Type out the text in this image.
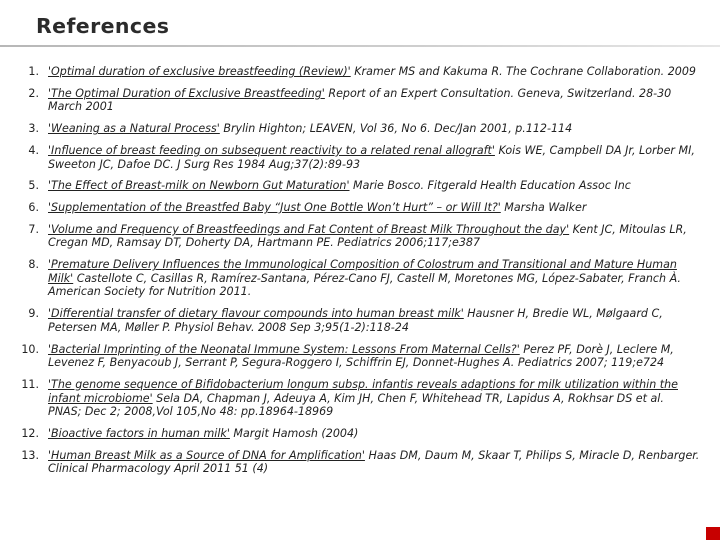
References
1. 'Optimal duration of exclusive breastfeeding (Review)' Kramer MS and Kakuma R. The Cochrane Collaboration. 2009
2. 'The Optimal Duration of Exclusive Breastfeeding' Report of an Expert Consultation. Geneva, Switzerland. 28-30 March 2001
3. 'Weaning as a Natural Process' Brylin Highton; LEAVEN, Vol 36, No 6. Dec/Jan 2001, p.112-114
4. 'Influence of breast feeding on subsequent reactivity to a related renal allograft' Kois WE, Campbell DA Jr, Lorber MI, Sweeton JC, Dafoe DC. J Surg Res 1984 Aug;37(2):89-93
5. 'The Effect of Breast-milk on Newborn Gut Maturation' Marie Bosco. Fitgerald Health Education Assoc Inc
6. 'Supplementation of the Breastfed Baby “Just One Bottle Won’t Hurt” – or Will It?' Marsha Walker
7. 'Volume and Frequency of Breastfeedings and Fat Content of Breast Milk Throughout the day' Kent JC, Mitoulas LR, Cregan MD, Ramsay DT, Doherty DA, Hartmann PE. Pediatrics 2006;117;e387
8. 'Premature Delivery Influences the Immunological Composition of Colostrum and Transitional and Mature Human Milk' Castellote C, Casillas R, Ramírez-Santana, Pérez-Cano FJ, Castell M, Moretones MG, López-Sabater, Franch À. American Society for Nutrition 2011.
9. 'Differential transfer of dietary flavour compounds into human breast milk' Hausner H, Bredie WL, Mølgaard C, Petersen MA, Møller P. Physiol Behav. 2008 Sep 3;95(1-2):118-24
10. 'Bacterial Imprinting of the Neonatal Immune System: Lessons From Maternal Cells?' Perez PF, Dorè J, Leclere M, Levenez F, Benyacoub J, Serrant P, Segura-Roggero I, Schiffrin EJ, Donnet-Hughes A. Pediatrics 2007; 119;e724
11. 'The genome sequence of Bifidobacterium longum subsp. infantis reveals adaptions for milk utilization within the infant microbiome' Sela DA, Chapman J, Adeuya A, Kim JH, Chen F, Whitehead TR, Lapidus A, Rokhsar DS et al. PNAS; Dec 2; 2008,Vol 105,No 48: pp.18964-18969
12. 'Bioactive factors in human milk' Margit Hamosh (2004)
13. 'Human Breast Milk as a Source of DNA for Amplification' Haas DM, Daum M, Skaar T, Philips S, Miracle D, Renbarger. Clinical Pharmacology April 2011 51 (4)
